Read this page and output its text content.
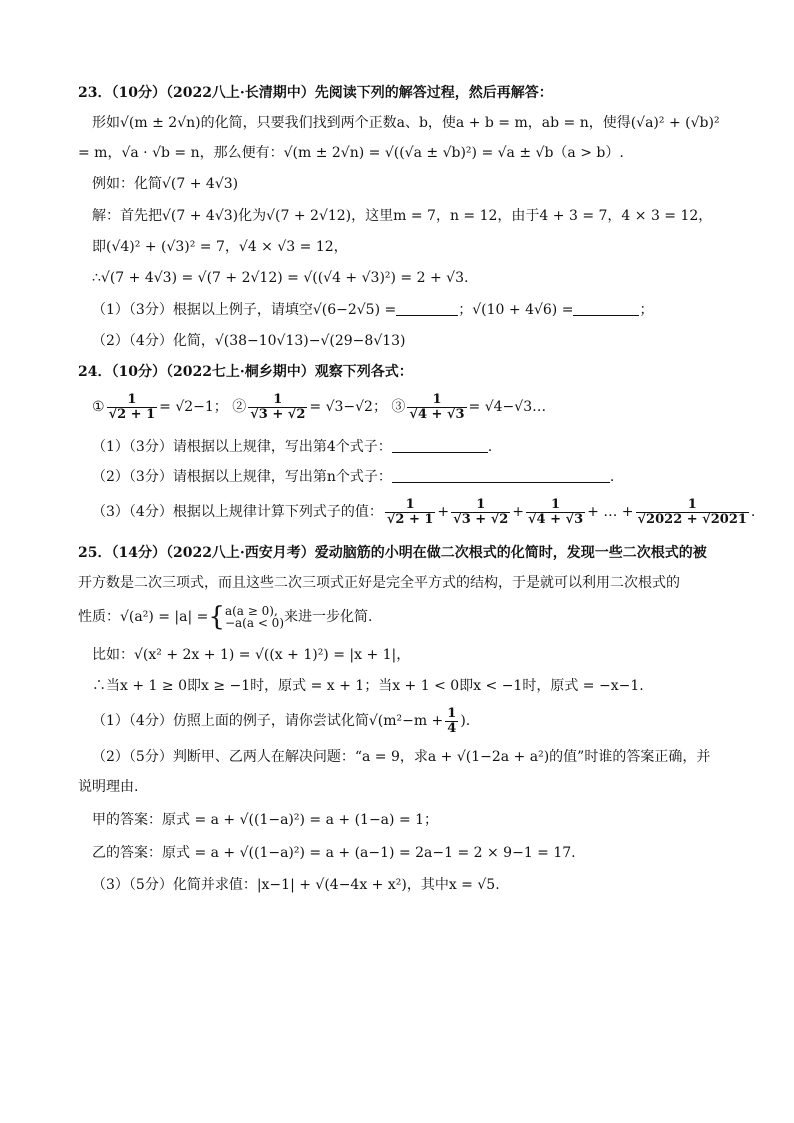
23．（10分）（2022八上·长清期中）先阅读下列的解答过程，然后再解答：
形如√(m ± 2√n)的化简，只要我们找到两个正数a、b，使a + b = m，ab = n，使得(√a)² + (√b)²
= m，√a · √b = n，那么便有：√(m ± 2√n) = √((√a ± √b)²) = √a ± √b（a > b）.
例如：化简√(7 + 4√3)
解：首先把√(7 + 4√3)化为√(7 + 2√12)，这里m = 7，n = 12，由于4 + 3 = 7，4 × 3 = 12，
即(√4)² + (√3)² = 7，√4 × √3 = 12，
∴√(7 + 4√3) = √(7 + 2√12) = √((√4 + √3)²) = 2 + √3.
（1）（3分）根据以上例子，请填空√(6−2√5) =	；√(10 + 4√6) =	；
（2）（4分）化简，√(38−10√13)−√(29−8√13)
24．（10分）（2022七上·桐乡期中）观察下列各式：
① $\frac{1}{√2 + 1} = √2-1$； ② $\frac{1}{√3 + √2} = √3-√2$； ③ $\frac{1}{√4 + √3}$ = √4−√3…
（1）（3分）请根据以上规律，写出第4个式子：	.
（2）（3分）请根据以上规律，写出第n个式子：	.
（3）（4分）根据以上规律计算下列式子的值： $\frac{1}{√2 + 1} + \frac{1}{√3 + √2} + \frac{1}{√4 + √3}$ + … + $\frac{1}{√2022 + √2021}$ .
25．（14分）（2022八上·西安月考）爱动脑筋的小明在做二次根式的化简时，发现一些二次根式的被
开方数是二次三项式，而且这些二次三项式正好是完全平方式的结构，于是就可以利用二次根式的
性质：√(a²) = |a| ={ a(a ≥ 0),
−a(a < 0) 来进一步化简.
比如：√(x² + 2x + 1) = √((x + 1)²) = |x + 1|，
∴当x + 1 ≥ 0即x ≥ −1时，原式 = x + 1；当x + 1 < 0即x < −1时，原式 = −x−1.
（1）（4分）仿照上面的例子，请你尝试化简$√(m^2-m + \frac{1}{4}$ ).
（2）（5分）判断甲、乙两人在解决问题：“a = 9，求a + √(1−2a + a²)的值”时谁的答案正确，并
说明理由.
甲的答案：原式 = a + √((1−a)²) = a + (1−a) = 1；
乙的答案：原式 = a + √((1−a)²) = a + (a−1) = 2a−1 = 2 × 9−1 = 17.
（3）（5分）化简并求值：|x−1| + √(4−4x + x²)，其中x = √5.
